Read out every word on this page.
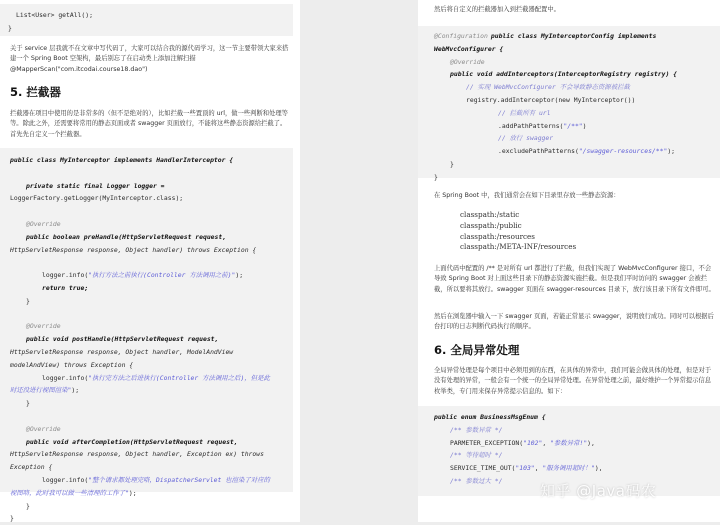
List<User> getAll();
}
关于 service 层我就不在文章中写代码了，大家可以结合我的源代码学习，这一节主要带领大家来搭建一个 Spring Boot 空架构，最后别忘了在启动类上添加注解扫描 @MapperScan("com.itcodai.course18.dao")
5. 拦截器
拦截器在项目中使用的是非常多的（但不是绝对的），比如拦截一些置顶的 url，做一些判断和处理等等。除此之外，还需要将常用的静态页面或者 swagger 页面放行，不能将这些静态资源给拦截了。首先先自定义一个拦截器。
public class MyInterceptor implements HandlerInterceptor {
private static final Logger logger =
LoggerFactory.getLogger(MyInterceptor.class);
@Override
public boolean preHandle(HttpServletRequest request,
HttpServletResponse response, Object handler) throws Exception {
logger.info("执行方法之前执行(Controller 方法调用之前)");
return true;
}
@Override
public void postHandle(HttpServletRequest request,
HttpServletResponse response, Object handler, ModelAndView
modelAndView) throws Exception {
logger.info("执行完方法之后进执行(Controller 方法调用之后)，但是此
时还没进行视图渲染");
}
@Override
public void afterCompletion(HttpServletRequest request,
HttpServletResponse response, Object handler, Exception ex) throws
Exception {
logger.info("整个请求都处理完咯，DispatcherServlet 也渲染了对应的
视图咯，此时我可以做一些清理的工作了");
}
}
然后将自定义的拦截器加入到拦截器配置中。
@Configuration public class MyInterceptorConfig implements
WebMvcConfigurer {
@Override
public void addInterceptors(InterceptorRegistry registry) {
// 实现 WebMvcConfigurer 不会导致静态资源被拦截
registry.addInterceptor(new MyInterceptor())
// 拦截所有 url
.addPathPatterns("/**")
// 放行 swagger
.excludePathPatterns("/swagger-resources/**");
}
}
在 Spring Boot 中，我们通常会在如下目录里存放一些静态资源：
classpath:/static
classpath:/public
classpath:/resources
classpath:/META-INF/resources
上面代码中配置的 /** 是对所有 url 都进行了拦截，但我们实现了 WebMvcConfigurer 接口，不会导致 Spring Boot 对上面这些目录下的静态资源实施拦截。但是我们平时访问的 swagger 会被拦截，所以要将其放行。swagger 页面在 swagger-resources 目录下，放行该目录下所有文件即可。
然后在浏览器中输入一下 swagger 页面，若能正常显示 swagger，说明放行成功。同时可以根据后台打印的日志判断代码执行的顺序。
6. 全局异常处理
全局异常处理是每个项目中必须用到的东西，在具体的异常中，我们可能会做具体的处理，但是对于没有处理的异常，一般会有一个统一的全局异常处理。在异常处理之前，最好维护一个异常提示信息枚举类，专门用来保存异常提示信息的。如下：
public enum BusinessMsgEnum {
/** 参数异常 */
PARMETER_EXCEPTION("102", "参数异常!"),
/** 等待超时 */
SERVICE_TIME_OUT("103", "服务调用超时！"),
/** 参数过大 */
知乎 @Java码农
